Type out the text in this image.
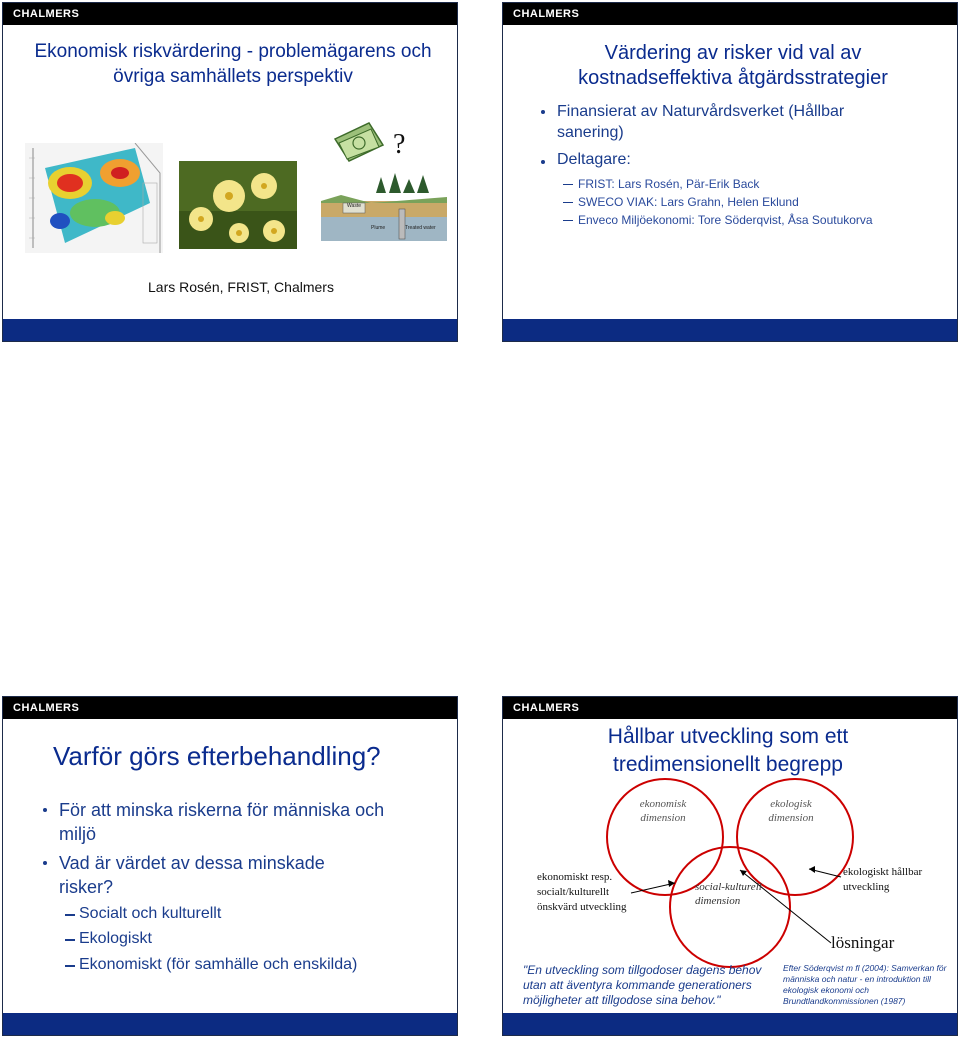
CHALMERS
Ekonomisk riskvärdering - problemägarens och övriga samhällets perspektiv
?
Waste
Plume	Treated water
Lars Rosén, FRIST, Chalmers
CHALMERS
Värdering av risker vid val av kostnadseffektiva åtgärdsstrategier
Finansierat av Naturvårdsverket (Hållbar sanering)
Deltagare:
FRIST: Lars Rosén, Pär-Erik Back
SWECO VIAK: Lars Grahn, Helen Eklund
Enveco Miljöekonomi: Tore Söderqvist, Åsa Soutukorva
CHALMERS
Varför görs efterbehandling?
För att minska riskerna för människa och miljö
Vad är värdet av dessa minskade risker?
Socialt och kulturellt
Ekologiskt
Ekonomiskt (för samhälle och enskilda)
CHALMERS
Hållbar utveckling som ett tredimensionellt begrepp
ekonomisk dimension
ekologisk dimension
social-kulturell dimension
ekonomiskt resp. socialt/kulturellt önskvärd utveckling
ekologiskt hållbar utveckling
lösningar
"En utveckling som tillgodoser dagens behov utan att äventyra kommande generationers möjligheter att tillgodose sina behov."
Efter Söderqvist m fl (2004): Samverkan för människa och natur - en introduktion till ekologisk ekonomi och Brundtlandkommissionen (1987)
